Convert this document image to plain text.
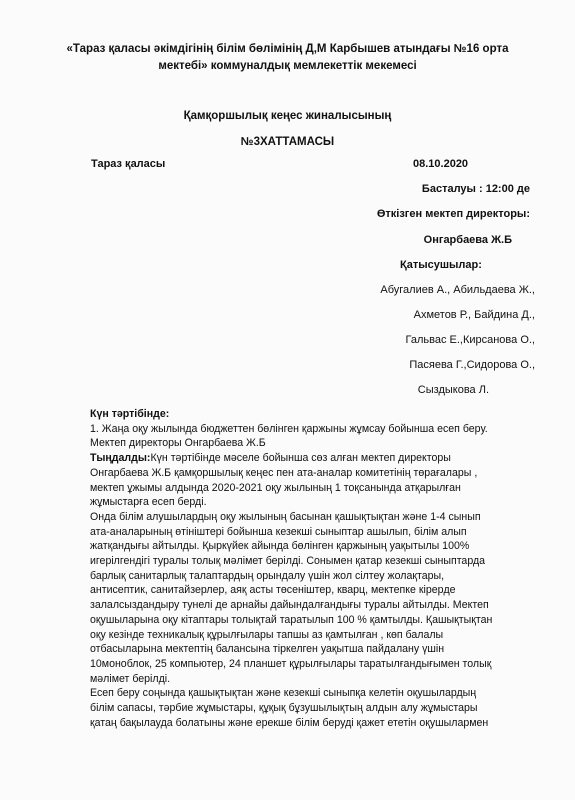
«Тараз қаласы әкімдігінің білім бөлімінің Д,М Карбышев атындағы №16 орта
мектебі» коммуналдық мемлекеттік мекемесі
Қамқоршылық кеңес жиналысының
№3ХАТТАМАСЫ
Тараз қаласы	08.10.2020
Басталуы : 12:00 де
Өткізген мектеп директоры:
Онгарбаева Ж.Б
Қатысушылар:
Абугалиев А., Абильдаева Ж.,
Ахметов Р., Байдина Д.,
Гальвас Е.,Кирсанова О.,
Пасяева Г.,Сидорова О.,
Сыздыкова Л.
Күн тәртібінде:
1. Жаңа оқу жылында бюджеттен бөлінген қаржыны жұмсау бойынша есеп беру.
Мектеп директоры Онгарбаева Ж.Б
Тыңдалды:Күн тәртібінде мәселе бойынша сөз алған мектеп директоры
Онгарбаева Ж.Б қамқоршылық кеңес пен ата-аналар комитетінің төрағалары ,
мектеп ұжымы алдында 2020-2021 оқу жылының 1 тоқсанында атқарылған
жұмыстарға есеп берді.
Онда білім алушылардың оқу жылының басынан қашықтықтан және 1-4 сынып
ата-аналарының өтініштері бойынша кезекші сыныптар ашылып, білім алып
жатқандығы айтылды. Қыркүйек айында бөлінген қаржының уақытылы 100%
игерілгендігі туралы толық мәлімет берілді. Сонымен қатар кезекші сыныптарда
барлық санитарлық талаптардың орындалу үшін жол сілтеу жолақтары,
антисептик, санитайзерлер, аяқ асты төсеніштер, кварц, мектепке кіреpде
залалсыздандыру тунелі де арнайы дайындалғандығы туралы айтылды. Мектеп
оқушыларына оқу кітаптары толықтай таратылып 100 % қамтылды. Қашықтықтан
оқу кезінде техникалық құрылғылары тапшы аз қамтылған , көп балалы
отбасыларына мектептің балансына тіркелген уақытша пайдалану үшін
10моноблок, 25 компьютер, 24 планшет құрылғылары таратылғандығымен толық
мәлімет берілді.
Есеп беру соңында қашықтықтан және кезекші сыныпқа келетін оқушылардың
білім сапасы, тәрбие жұмыстары, құқық бұзушылықтың алдын алу жұмыстары
қатаң бақылауда болатыны және ерекше білім беруді қажет ететін оқушылармен
